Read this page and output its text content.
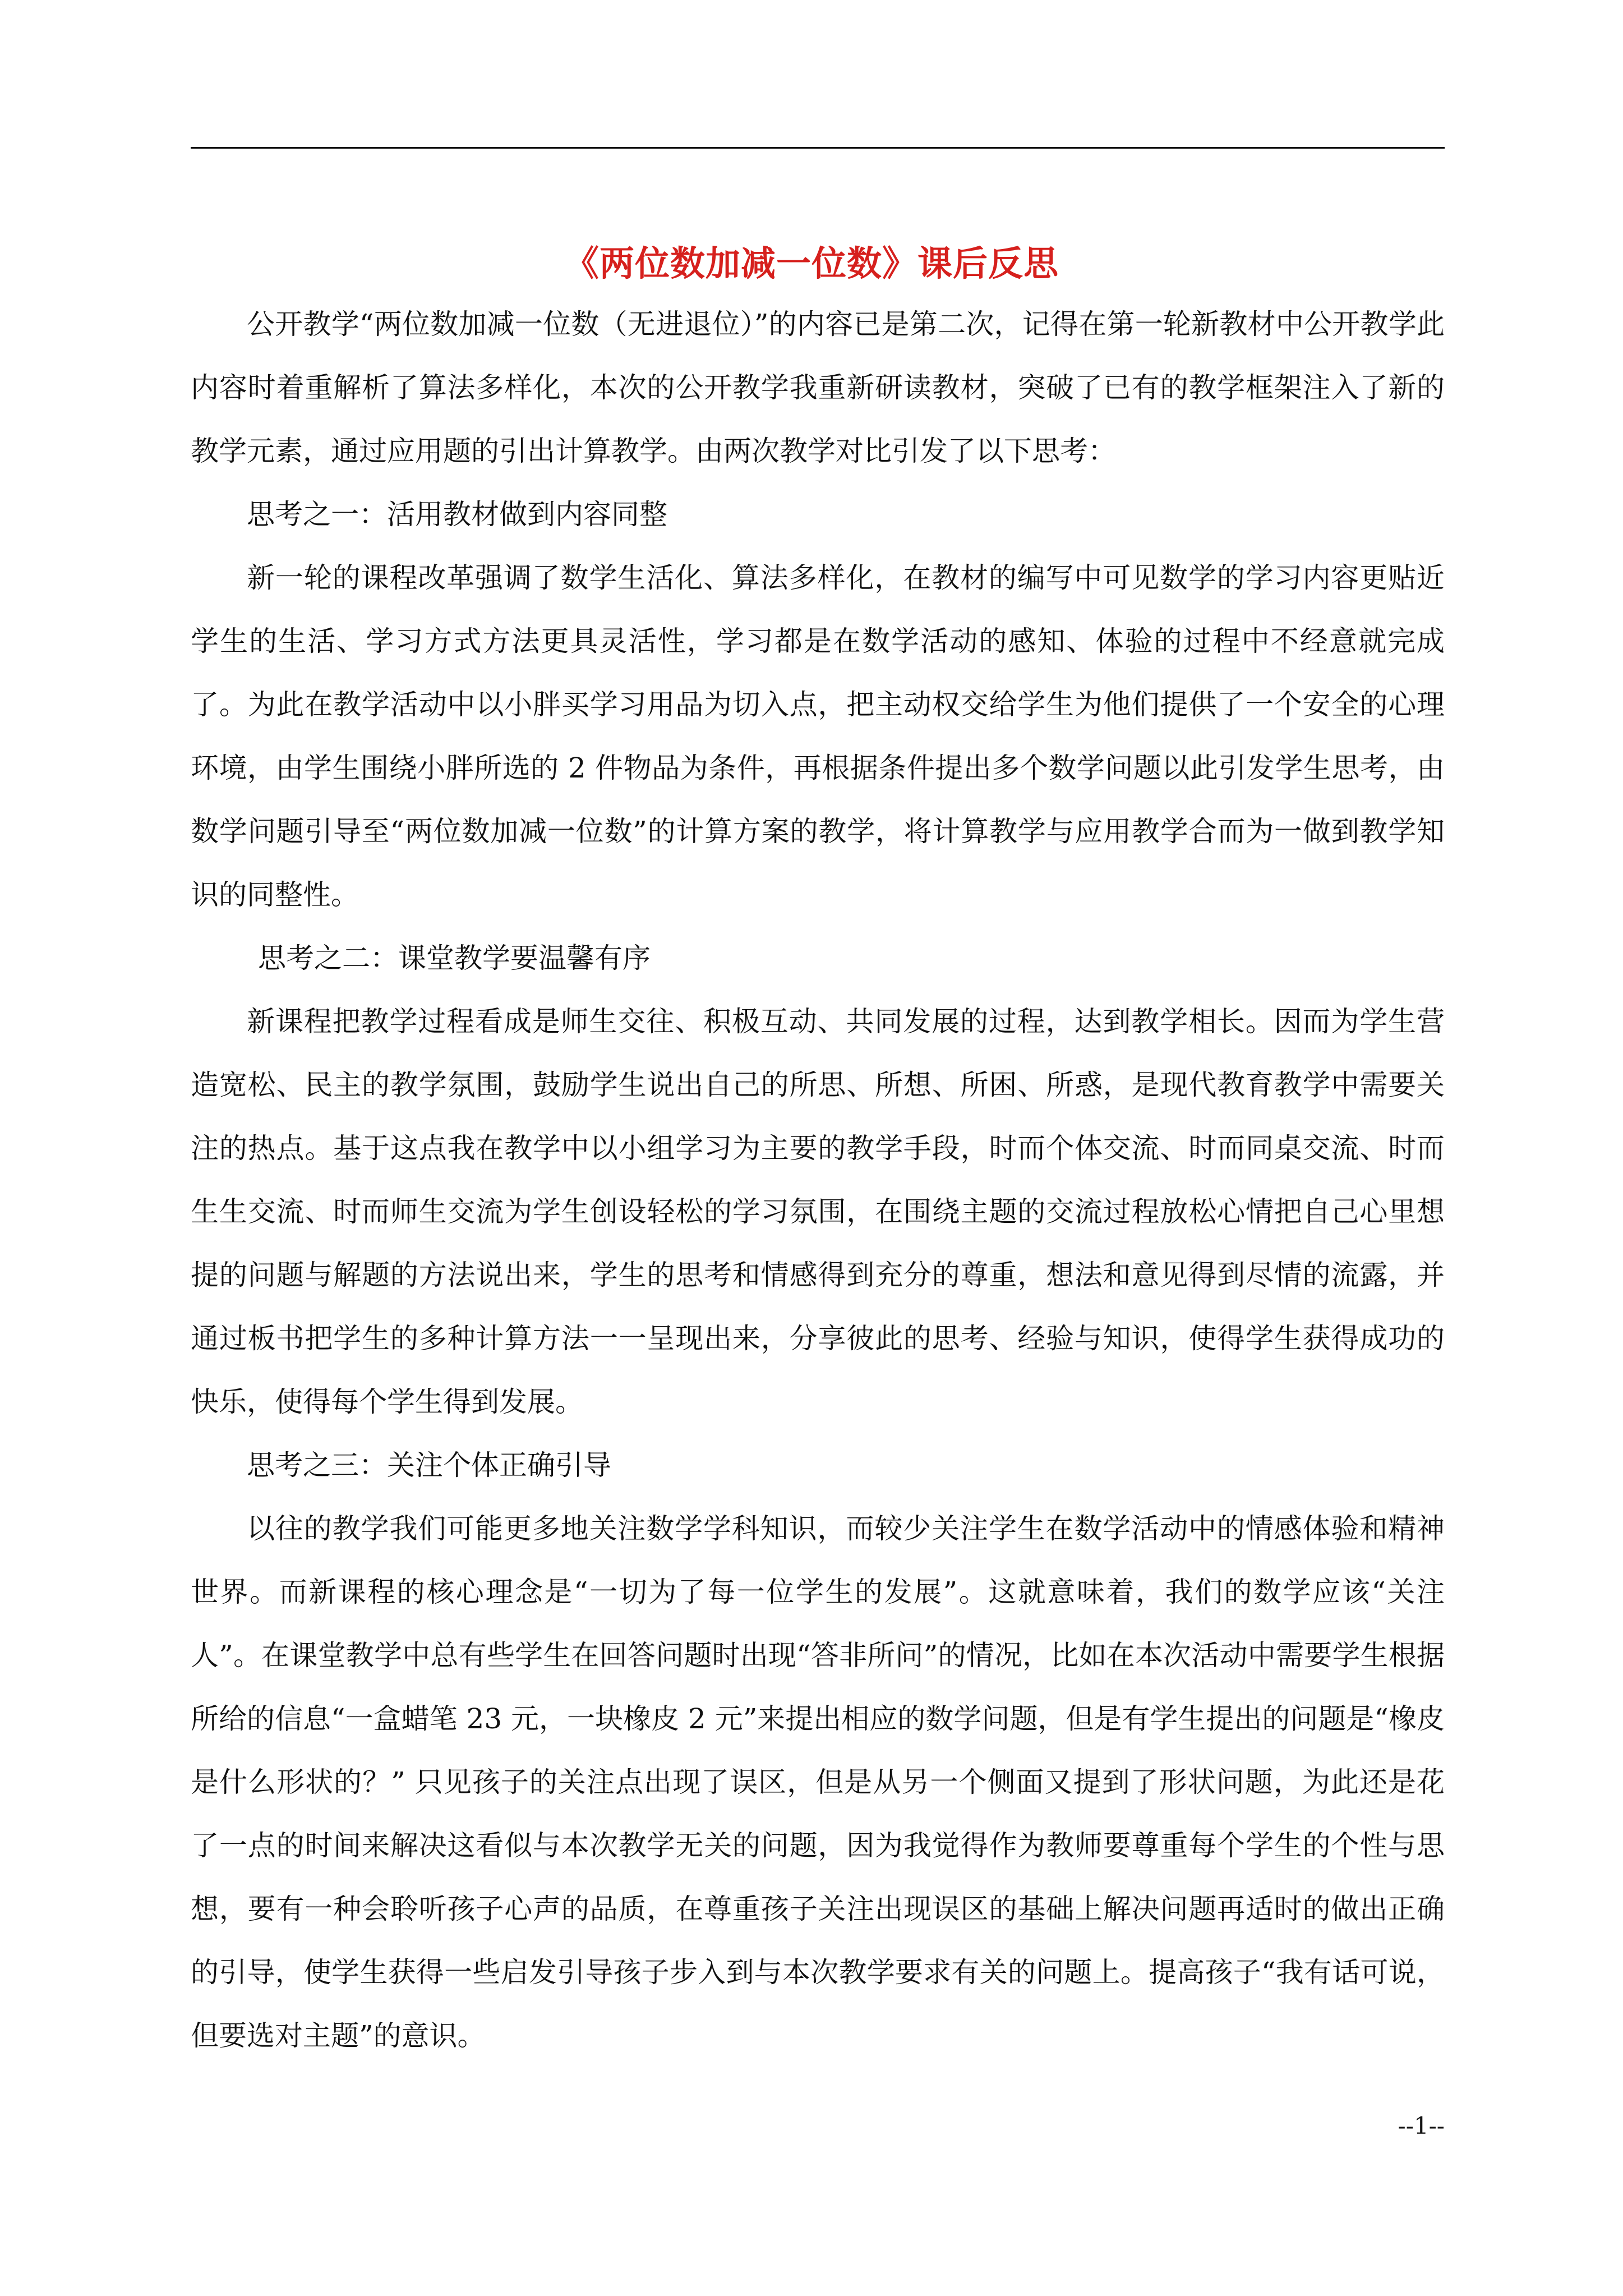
《两位数加减一位数》课后反思

公开教学“两位数加减一位数（无进退位）”的内容已是第二次，记得在第一轮新教材中公开教学此内容时着重解析了算法多样化，本次的公开教学我重新研读教材，突破了已有的教学框架注入了新的教学元素，通过应用题的引出计算教学。由两次教学对比引发了以下思考：

思考之一：活用教材做到内容同整

新一轮的课程改革强调了数学生活化、算法多样化，在教材的编写中可见数学的学习内容更贴近学生的生活、学习方式方法更具灵活性，学习都是在数学活动的感知、体验的过程中不经意就完成了。为此在教学活动中以小胖买学习用品为切入点，把主动权交给学生为他们提供了一个安全的心理环境，由学生围绕小胖所选的 2 件物品为条件，再根据条件提出多个数学问题以此引发学生思考，由数学问题引导至“两位数加减一位数”的计算方案的教学，将计算教学与应用教学合而为一做到教学知识的同整性。

思考之二：课堂教学要温馨有序

新课程把教学过程看成是师生交往、积极互动、共同发展的过程，达到教学相长。因而为学生营造宽松、民主的教学氛围，鼓励学生说出自己的所思、所想、所困、所惑，是现代教育教学中需要关注的热点。基于这点我在教学中以小组学习为主要的教学手段，时而个体交流、时而同桌交流、时而生生交流、时而师生交流为学生创设轻松的学习氛围，在围绕主题的交流过程放松心情把自己心里想提的问题与解题的方法说出来，学生的思考和情感得到充分的尊重，想法和意见得到尽情的流露，并通过板书把学生的多种计算方法一一呈现出来，分享彼此的思考、经验与知识，使得学生获得成功的快乐，使得每个学生得到发展。

思考之三：关注个体正确引导

以往的教学我们可能更多地关注数学学科知识，而较少关注学生在数学活动中的情感体验和精神世界。而新课程的核心理念是“一切为了每一位学生的发展”。这就意味着，我们的数学应该“关注人”。在课堂教学中总有些学生在回答问题时出现“答非所问”的情况，比如在本次活动中需要学生根据所给的信息“一盒蜡笔 23 元，一块橡皮 2 元”来提出相应的数学问题，但是有学生提出的问题是“橡皮是什么形状的？” 只见孩子的关注点出现了误区，但是从另一个侧面又提到了形状问题，为此还是花了一点的时间来解决这看似与本次教学无关的问题，因为我觉得作为教师要尊重每个学生的个性与思想，要有一种会聆听孩子心声的品质，在尊重孩子关注出现误区的基础上解决问题再适时的做出正确的引导，使学生获得一些启发引导孩子步入到与本次教学要求有关的问题上。提高孩子“我有话可说，但要选对主题”的意识。

--1--
